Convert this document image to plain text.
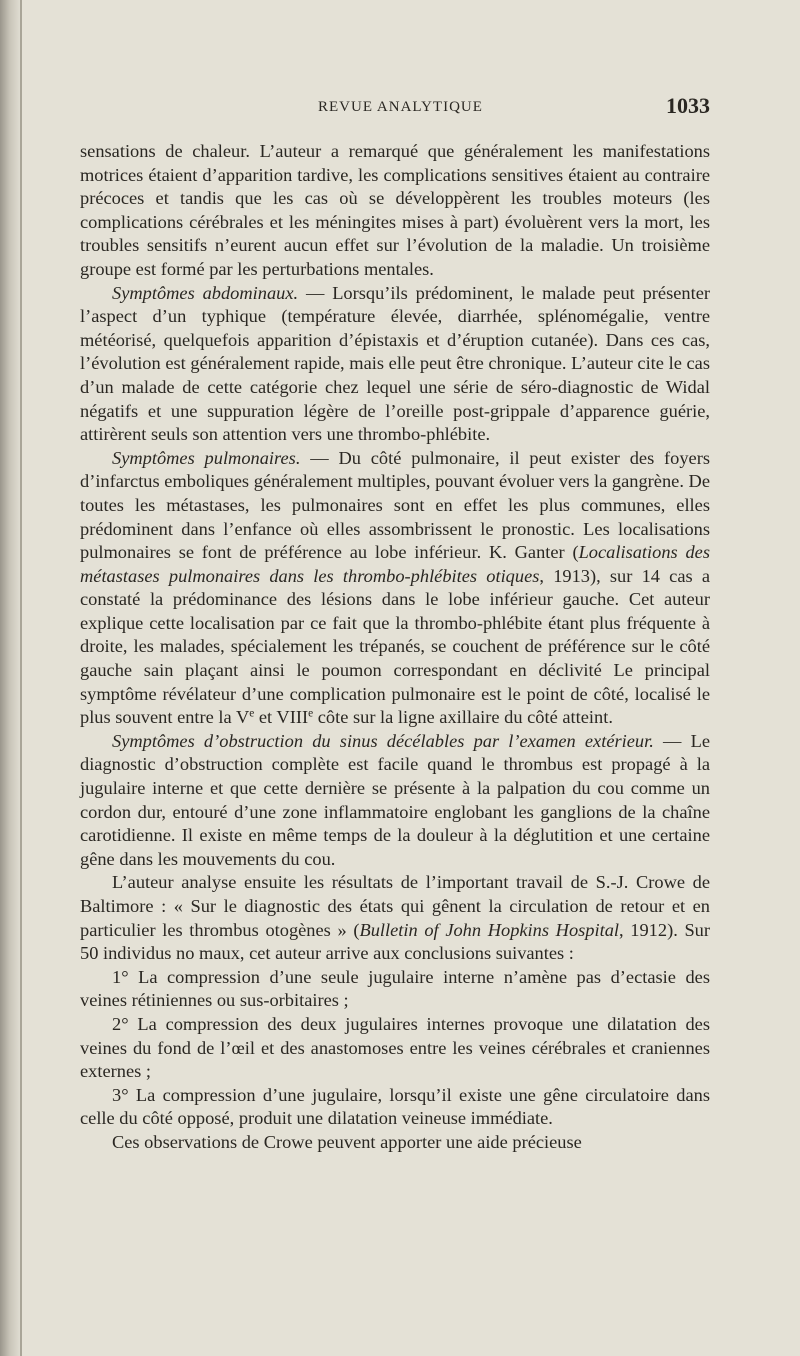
REVUE ANALYTIQUE	1033

sensations de chaleur. L’auteur a remarqué que généralement les manifestations motrices étaient d’apparition tardive, les complications sensitives étaient au contraire précoces et tandis que les cas où se développèrent les troubles moteurs (les complications cérébrales et les méningites mises à part) évoluèrent vers la mort, les troubles sensitifs n’eurent aucun effet sur l’évolution de la maladie. Un troisième groupe est formé par les perturbations mentales.

Symptômes abdominaux. — Lorsqu’ils prédominent, le malade peut présenter l’aspect d’un typhique (température élevée, diarrhée, splénomégalie, ventre météorisé, quelquefois apparition d’épistaxis et d’éruption cutanée). Dans ces cas, l’évolution est généralement rapide, mais elle peut être chronique. L’auteur cite le cas d’un malade de cette catégorie chez lequel une série de séro-diagnostic de Widal négatifs et une suppuration légère de l’oreille post-grippale d’apparence guérie, attirèrent seuls son attention vers une thrombo-phlébite.

Symptômes pulmonaires. — Du côté pulmonaire, il peut exister des foyers d’infarctus emboliques généralement multiples, pouvant évoluer vers la gangrène. De toutes les métastases, les pulmonaires sont en effet les plus communes, elles prédominent dans l’enfance où elles assombrissent le pronostic. Les localisations pulmonaires se font de préférence au lobe inférieur. K. Ganter (Localisations des métastases pulmonaires dans les thrombo-phlébites otiques, 1913), sur 14 cas a constaté la prédominance des lésions dans le lobe inférieur gauche. Cet auteur explique cette localisation par ce fait que la thrombo-phlébite étant plus fréquente à droite, les malades, spécialement les trépanés, se couchent de préférence sur le côté gauche sain plaçant ainsi le poumon correspondant en déclivité Le principal symptôme révélateur d’une complication pulmonaire est le point de côté, localisé le plus souvent entre la Ve et VIIIe côte sur la ligne axillaire du côté atteint.

Symptômes d’obstruction du sinus décélables par l’examen extérieur. — Le diagnostic d’obstruction complète est facile quand le thrombus est propagé à la jugulaire interne et que cette dernière se présente à la palpation du cou comme un cordon dur, entouré d’une zone inflammatoire englobant les ganglions de la chaîne carotidienne. Il existe en même temps de la douleur à la déglutition et une certaine gêne dans les mouvements du cou.

L’auteur analyse ensuite les résultats de l’important travail de S.-J. Crowe de Baltimore : « Sur le diagnostic des états qui gênent la circulation de retour et en particulier les thrombus otogènes » (Bulletin of John Hopkins Hospital, 1912). Sur 50 individus no maux, cet auteur arrive aux conclusions suivantes :

1° La compression d’une seule jugulaire interne n’amène pas d’ectasie des veines rétiniennes ou sus-orbitaires ;

2° La compression des deux jugulaires internes provoque une dilatation des veines du fond de l’œil et des anastomoses entre les veines cérébrales et craniennes externes ;

3° La compression d’une jugulaire, lorsqu’il existe une gêne circulatoire dans celle du côté opposé, produit une dilatation veineuse immédiate.

Ces observations de Crowe peuvent apporter une aide précieuse
